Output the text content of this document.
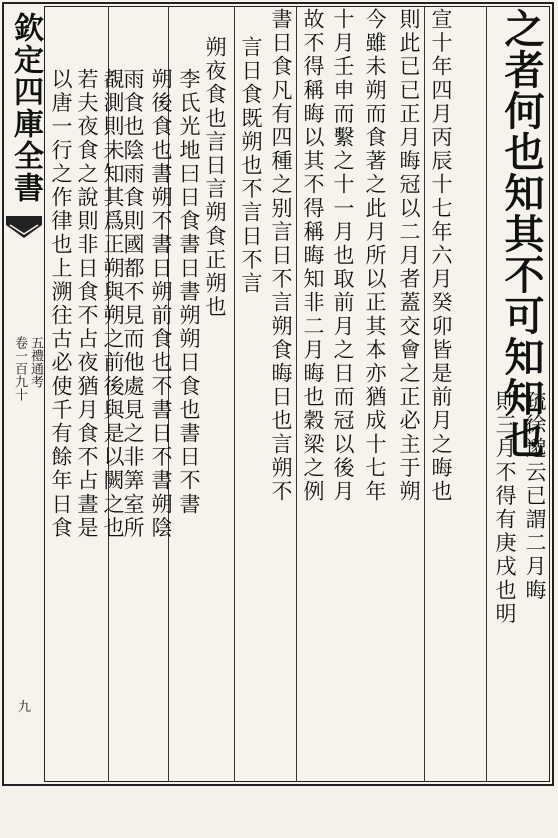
欽定四庫全書
五禮通考
卷一百九十
九
之者何也知其不可知知也
疏徐邈云已謂二月晦
則三月不得有庚戌也明
宣十年四月丙辰十七年六月癸卯皆是前月之晦也
則此已已正月晦冠以二月者蓋交會之正必主于朔
今雖未朔而食著之此月所以正其本亦猶成十七年
十月壬申而繫之十一月也取前月之日而冠以後月
故不得稱晦以其不得稱晦知非二月晦也穀梁之例
書日食凡有四種之别言日不言朔食晦日也言朔不
言日食既朔也不言日不言
朔夜食也言日言朔食正朔也
李氏光地曰日食書日書朔朔日食也書日不書
朔後食也書朔不書日朔前食也不書日不書朔陰
雨食也陰雨食則國都不見而他處見之非筭室所
覩測則未知其爲正朔與朔之前後與是以闕之也
若夫夜食之說則非日食不占夜猶月食不占晝是
以唐一行之作律也上溯往古必使千有餘年日食
